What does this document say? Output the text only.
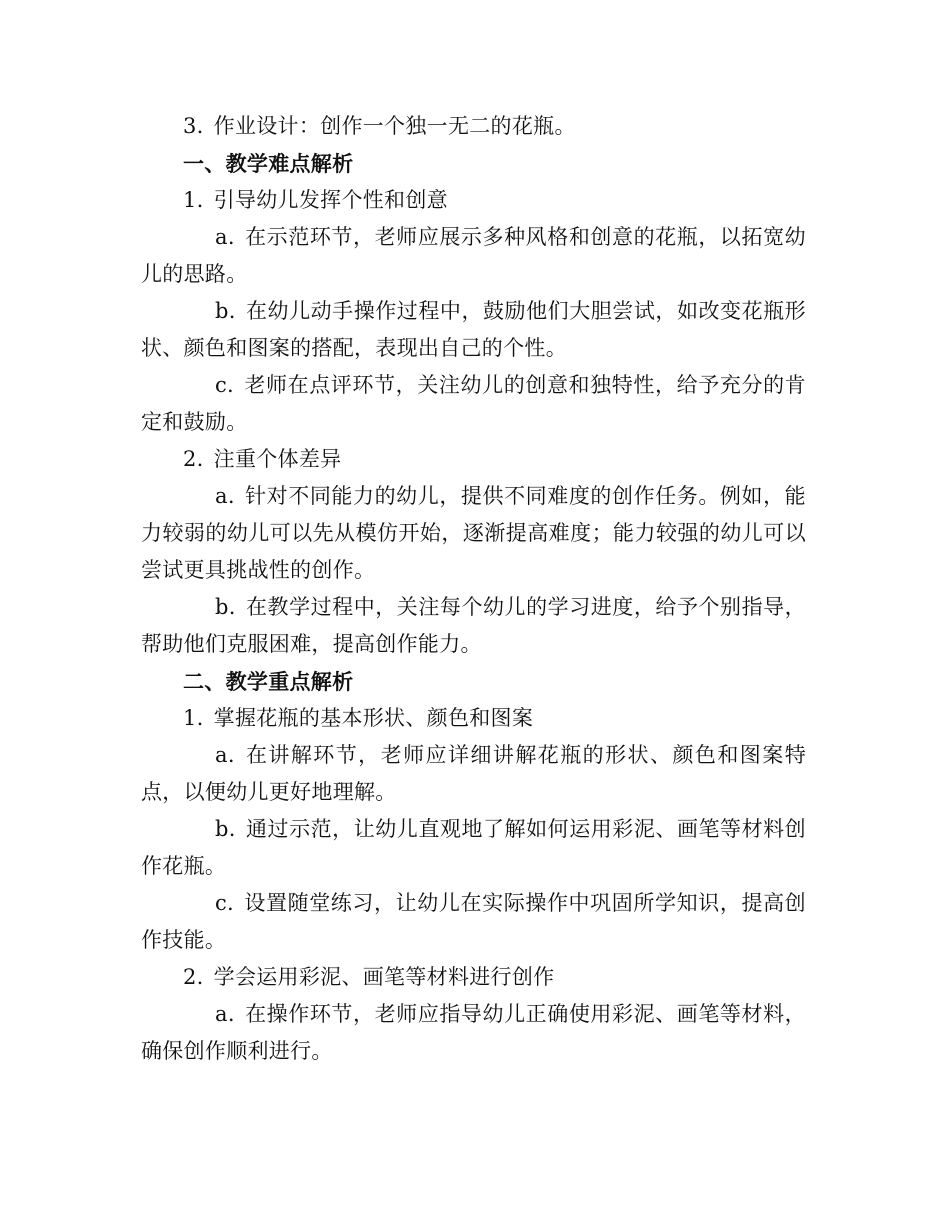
3. 作业设计：创作一个独一无二的花瓶。
一、教学难点解析
1. 引导幼儿发挥个性和创意
a. 在示范环节，老师应展示多种风格和创意的花瓶，以拓宽幼儿的思路。
b. 在幼儿动手操作过程中，鼓励他们大胆尝试，如改变花瓶形状、颜色和图案的搭配，表现出自己的个性。
c. 老师在点评环节，关注幼儿的创意和独特性，给予充分的肯定和鼓励。
2. 注重个体差异
a. 针对不同能力的幼儿，提供不同难度的创作任务。例如，能力较弱的幼儿可以先从模仿开始，逐渐提高难度；能力较强的幼儿可以尝试更具挑战性的创作。
b. 在教学过程中，关注每个幼儿的学习进度，给予个别指导，帮助他们克服困难，提高创作能力。
二、教学重点解析
1. 掌握花瓶的基本形状、颜色和图案
a. 在讲解环节，老师应详细讲解花瓶的形状、颜色和图案特点，以便幼儿更好地理解。
b. 通过示范，让幼儿直观地了解如何运用彩泥、画笔等材料创作花瓶。
c. 设置随堂练习，让幼儿在实际操作中巩固所学知识，提高创作技能。
2. 学会运用彩泥、画笔等材料进行创作
a. 在操作环节，老师应指导幼儿正确使用彩泥、画笔等材料，确保创作顺利进行。
